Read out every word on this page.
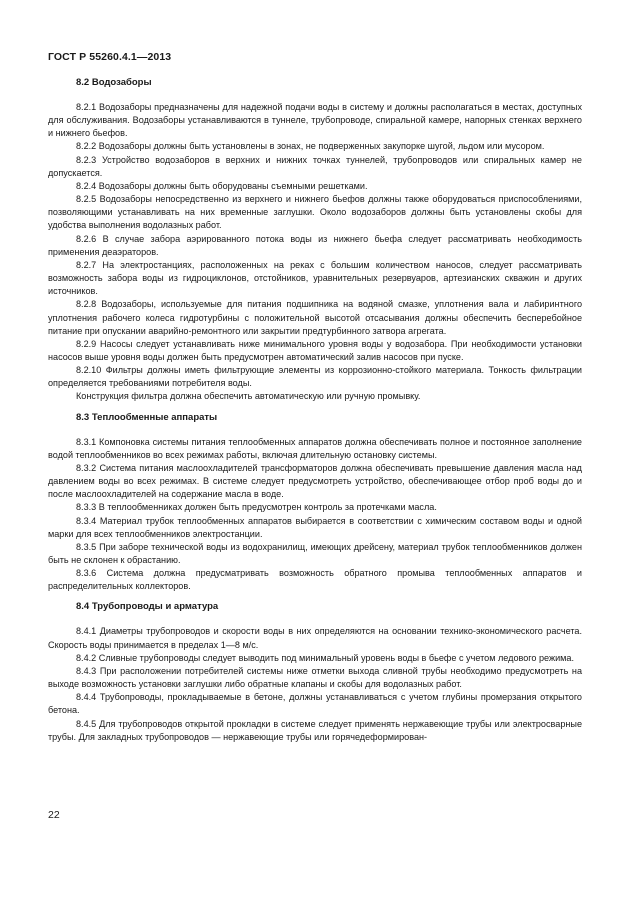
ГОСТ Р 55260.4.1—2013
8.2 Водозаборы

8.2.1 Водозаборы предназначены для надежной подачи воды в систему и должны располагаться в местах, доступных для обслуживания. Водозаборы устанавливаются в туннеле, трубопроводе, спиральной камере, напорных стенках верхнего и нижнего бьефов.

8.2.2 Водозаборы должны быть установлены в зонах, не подверженных закупорке шугой, льдом или мусором.

8.2.3 Устройство водозаборов в верхних и нижних точках туннелей, трубопроводов или спиральных камер не допускается.

8.2.4 Водозаборы должны быть оборудованы съемными решетками.

8.2.5 Водозаборы непосредственно из верхнего и нижнего бьефов должны также оборудоваться приспособлениями, позволяющими устанавливать на них временные заглушки. Около водозаборов должны быть установлены скобы для удобства выполнения водолазных работ.

8.2.6 В случае забора аэрированного потока воды из нижнего бьефа следует рассматривать необходимость применения деаэраторов.

8.2.7 На электростанциях, расположенных на реках с большим количеством наносов, следует рассматривать возможность забора воды из гидроциклонов, отстойников, уравнительных резервуаров, артезианских скважин и других источников.

8.2.8 Водозаборы, используемые для питания подшипника на водяной смазке, уплотнения вала и лабиринтного уплотнения рабочего колеса гидротурбины с положительной высотой отсасывания должны обеспечить бесперебойное питание при опускании аварийно-ремонтного или закрытии предтурбинного затвора агрегата.

8.2.9 Насосы следует устанавливать ниже минимального уровня воды у водозабора. При необходимости установки насосов выше уровня воды должен быть предусмотрен автоматический залив насосов при пуске.

8.2.10 Фильтры должны иметь фильтрующие элементы из коррозионно-стойкого материала. Тонкость фильтрации определяется требованиями потребителя воды.

Конструкция фильтра должна обеспечить автоматическую или ручную промывку.

8.3 Теплообменные аппараты

8.3.1 Компоновка системы питания теплообменных аппаратов должна обеспечивать полное и постоянное заполнение водой теплообменников во всех режимах работы, включая длительную остановку системы.

8.3.2 Система питания маслоохладителей трансформаторов должна обеспечивать превышение давления масла над давлением воды во всех режимах. В системе следует предусмотреть устройство, обеспечивающее отбор проб воды до и после маслоохладителей на содержание масла в воде.

8.3.3 В теплообменниках должен быть предусмотрен контроль за протечками масла.

8.3.4 Материал трубок теплообменных аппаратов выбирается в соответствии с химическим составом воды и одной марки для всех теплообменников электростанции.

8.3.5 При заборе технической воды из водохранилищ, имеющих дрейсену, материал трубок теплообменников должен быть не склонен к обрастанию.

8.3.6 Система должна предусматривать возможность обратного промыва теплообменных аппаратов и распределительных коллекторов.

8.4 Трубопроводы и арматура

8.4.1 Диаметры трубопроводов и скорости воды в них определяются на основании технико-экономического расчета. Скорость воды принимается в пределах 1—8 м/с.

8.4.2 Сливные трубопроводы следует выводить под минимальный уровень воды в бьефе с учетом ледового режима.

8.4.3 При расположении потребителей системы ниже отметки выхода сливной трубы необходимо предусмотреть на выходе возможность установки заглушки либо обратные клапаны и скобы для водолазных работ.

8.4.4 Трубопроводы, прокладываемые в бетоне, должны устанавливаться с учетом глубины промерзания открытого бетона.

8.4.5 Для трубопроводов открытой прокладки в системе следует применять нержавеющие трубы или электросварные трубы. Для закладных трубопроводов — нержавеющие трубы или горячедеформирован-

22
